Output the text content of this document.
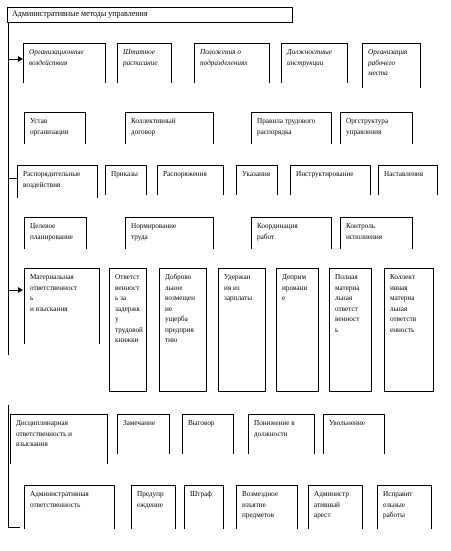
Административные методы управления
Организационные
воздействия
Штатное
расписание
Положения о
подразделениях
Должностные
инструкции
Организация
рабочего
места
Устав
организации
Коллективный
договор
Правила трудового
распорядка
Оргструктура
управления
Распорядительные
воздействия
Приказы	Распоряжения	Указания	Инструктирование	Наставления
Целевое
планирование
Нормирование
труда
Координация
работ
Контроль
исполнения
Материальная
ответственност
ь
и взыскания
Ответст
венност
ь за
задержк
у
трудовой
книжки
Доброво
льное
возмещен
ие
ущерба
предприя
тию
Удержан
ия из
зарплаты
Деприм
ировани
е
Полная
материа
льная
ответст
венност
ь
Коллект
ивная
материа
льная
ответств
енность
Дисциплинарная
ответственность и
взыскания
Замечание	Выговор	Понижение в
должности
Увольнение
Административная
ответственность
Предупр
еждение
Штраф	Возмездное
изъятие
предметов
Администр
ативный
арест
Исправит
ельные
работы
